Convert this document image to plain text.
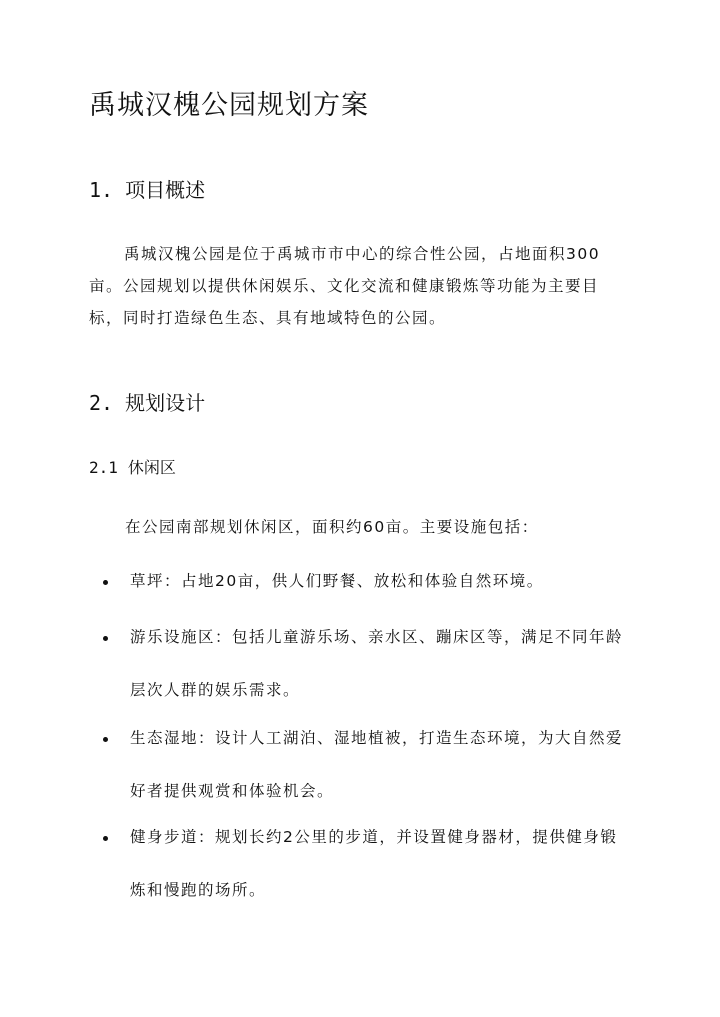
禹城汉槐公园规划方案
1. 项目概述

禹城汉槐公园是位于禹城市市中心的综合性公园，占地面积300亩。公园规划以提供休闲娱乐、文化交流和健康锻炼等功能为主要目标，同时打造绿色生态、具有地域特色的公园。

2. 规划设计
2.1 休闲区
在公园南部规划休闲区，面积约60亩。主要设施包括：
草坪：占地20亩，供人们野餐、放松和体验自然环境。
游乐设施区：包括儿童游乐场、亲水区、蹦床区等，满足不同年龄层次人群的娱乐需求。
生态湿地：设计人工湖泊、湿地植被，打造生态环境，为大自然爱好者提供观赏和体验机会。
健身步道：规划长约2公里的步道，并设置健身器材，提供健身锻炼和慢跑的场所。
